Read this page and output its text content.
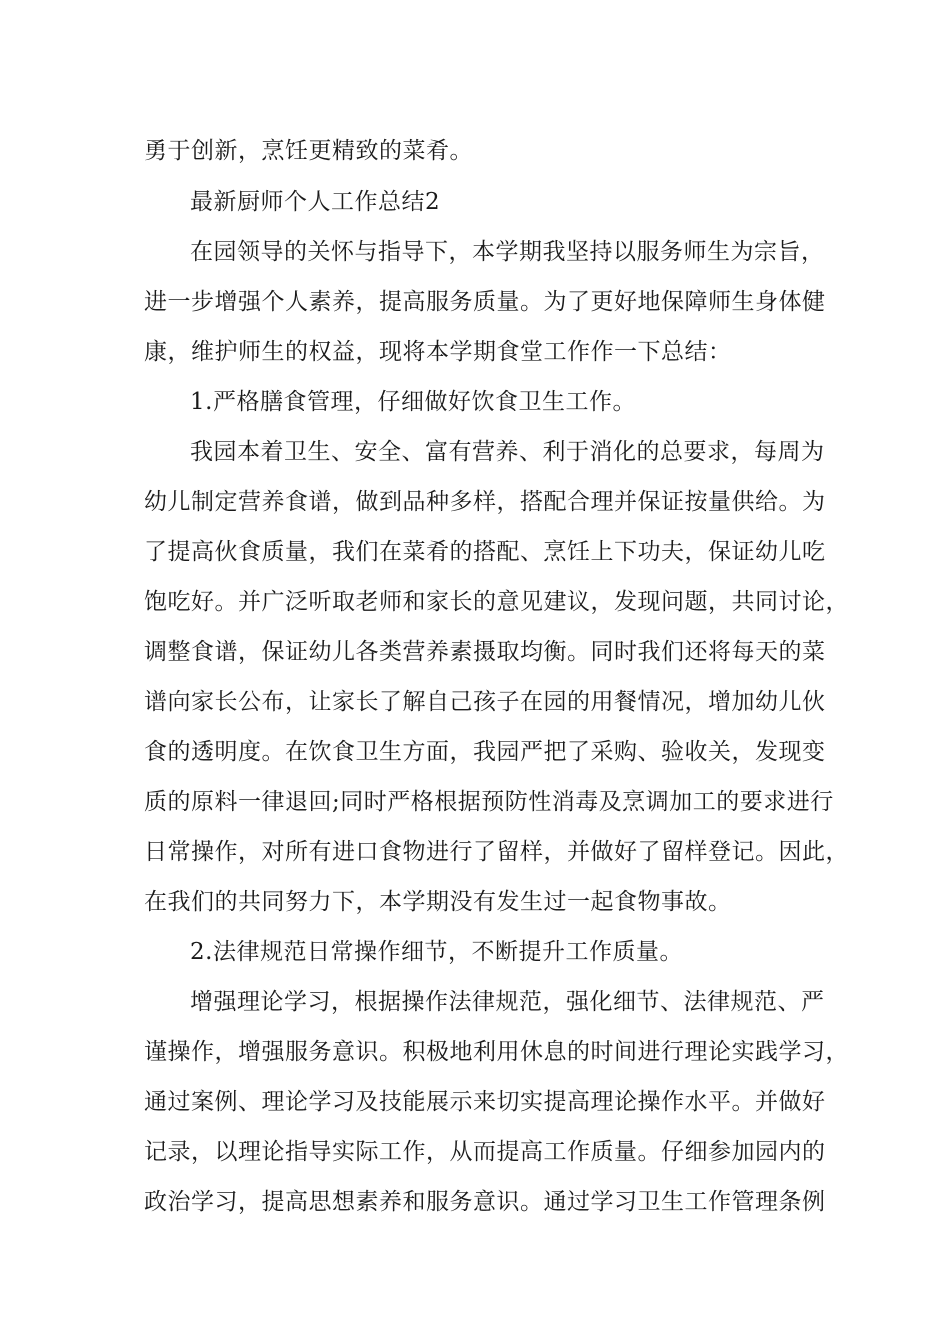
勇于创新，烹饪更精致的菜肴。

最新厨师个人工作总结2

在园领导的关怀与指导下，本学期我坚持以服务师生为宗旨，

进一步增强个人素养，提高服务质量。为了更好地保障师生身体健

康，维护师生的权益，现将本学期食堂工作作一下总结：

1.严格膳食管理，仔细做好饮食卫生工作。

我园本着卫生、安全、富有营养、利于消化的总要求，每周为

幼儿制定营养食谱，做到品种多样，搭配合理并保证按量供给。为

了提高伙食质量，我们在菜肴的搭配、烹饪上下功夫，保证幼儿吃

饱吃好。并广泛听取老师和家长的意见建议，发现问题，共同讨论，

调整食谱，保证幼儿各类营养素摄取均衡。同时我们还将每天的菜

谱向家长公布，让家长了解自己孩子在园的用餐情况，增加幼儿伙

食的透明度。在饮食卫生方面，我园严把了采购、验收关，发现变

质的原料一律退回;同时严格根据预防性消毒及烹调加工的要求进行

日常操作，对所有进口食物进行了留样，并做好了留样登记。因此，

在我们的共同努力下，本学期没有发生过一起食物事故。

2.法律规范日常操作细节，不断提升工作质量。

增强理论学习，根据操作法律规范，强化细节、法律规范、严

谨操作，增强服务意识。积极地利用休息的时间进行理论实践学习，

通过案例、理论学习及技能展示来切实提高理论操作水平。并做好

记录，以理论指导实际工作，从而提高工作质量。仔细参加园内的

政治学习，提高思想素养和服务意识。通过学习卫生工作管理条例
